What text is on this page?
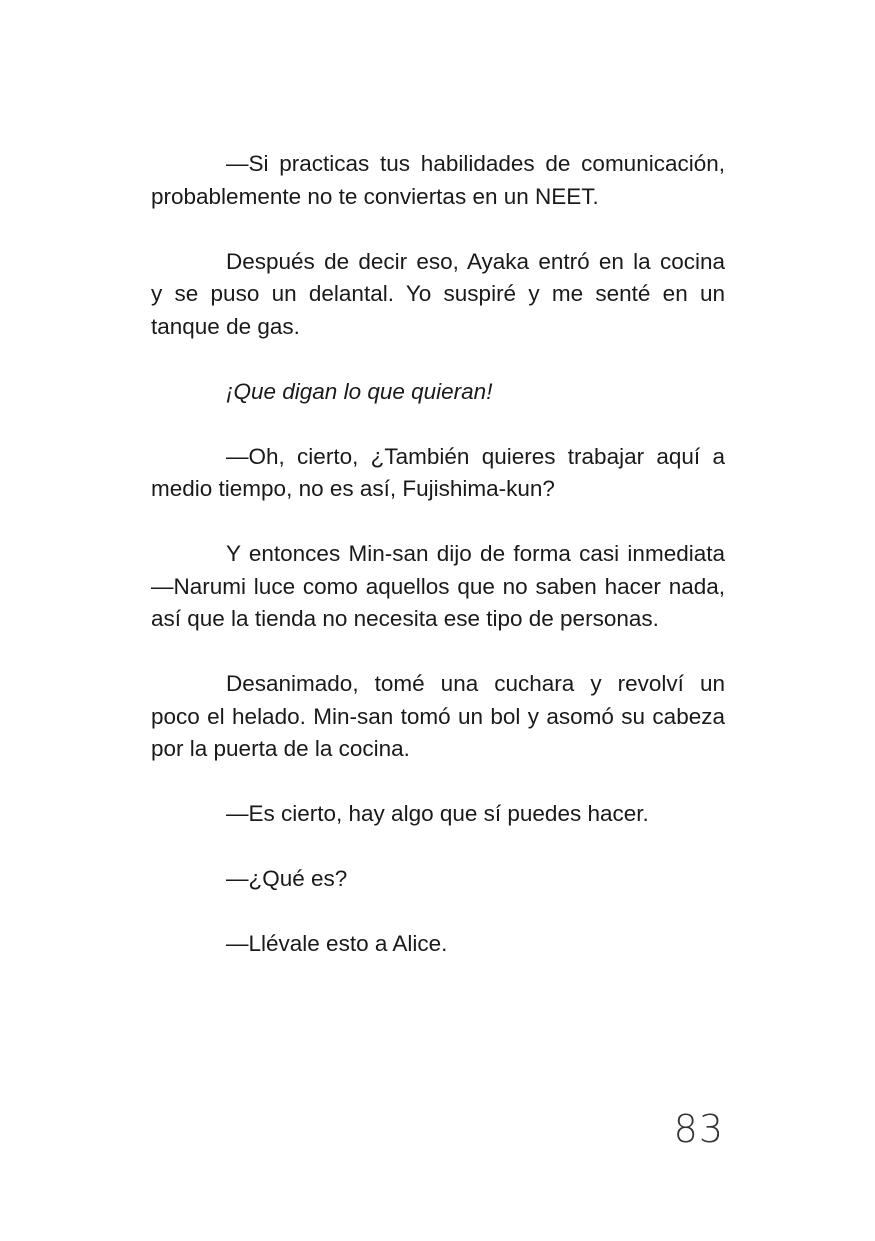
—Si practicas tus habilidades de comunicación,
probablemente no te conviertas en un NEET.

Después de decir eso, Ayaka entró en la cocina
y se puso un delantal. Yo suspiré y me senté en un
tanque de gas.

¡Que digan lo que quieran!

—Oh, cierto, ¿También quieres trabajar aquí a
medio tiempo, no es así, Fujishima-kun?

Y entonces Min-san dijo de forma casi inmediata
—Narumi luce como aquellos que no saben hacer nada,
así que la tienda no necesita ese tipo de personas.

Desanimado, tomé una cuchara y revolví un
poco el helado. Min-san tomó un bol y asomó su cabeza
por la puerta de la cocina.

—Es cierto, hay algo que sí puedes hacer.

—¿Qué es?

—Llévale esto a Alice.

83
